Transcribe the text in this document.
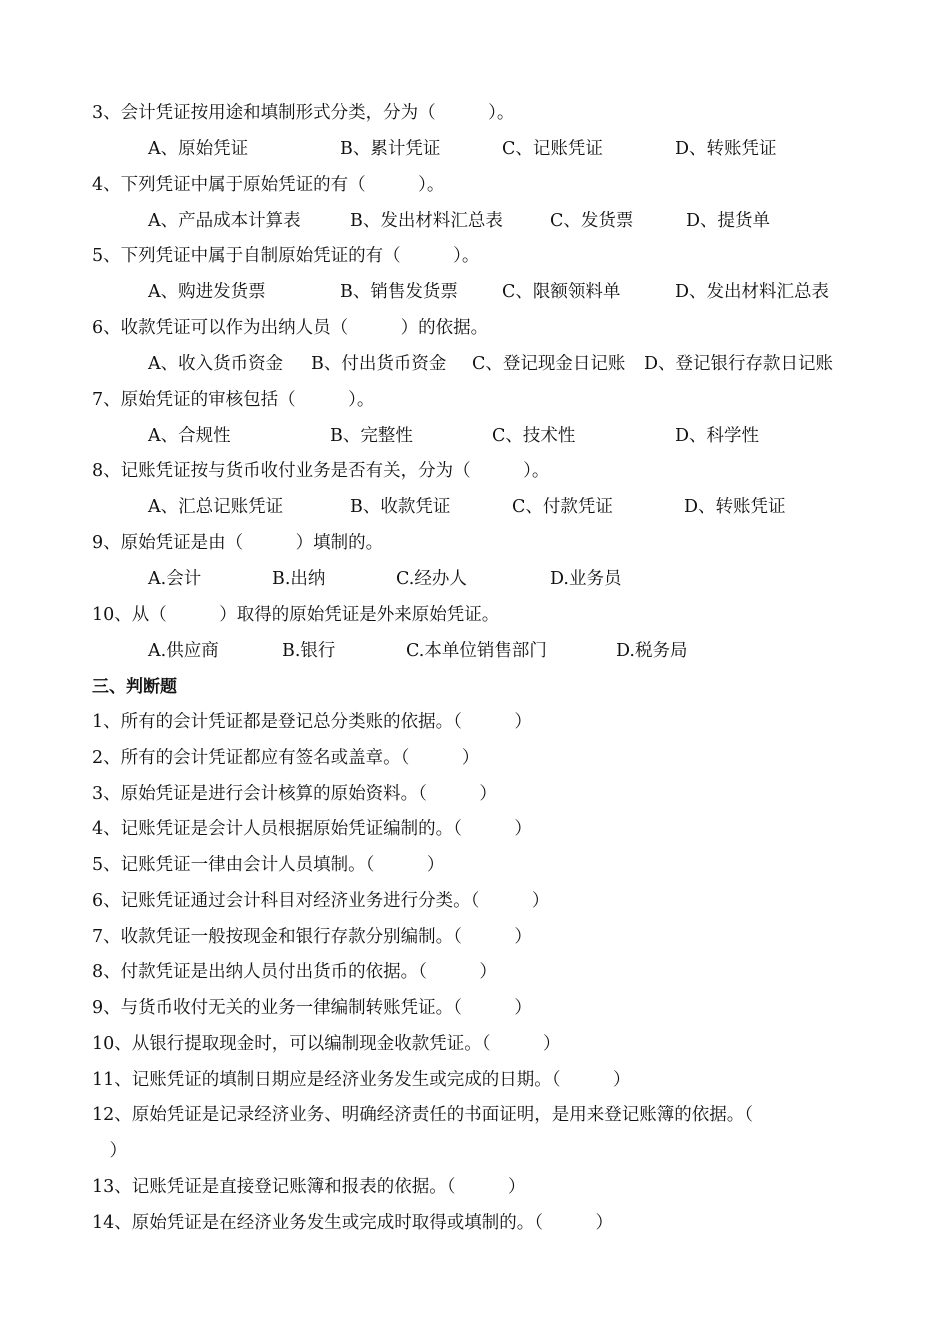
3、会计凭证按用途和填制形式分类，分为（　　　）。
A、原始凭证	B、累计凭证	C、记账凭证	D、转账凭证
4、下列凭证中属于原始凭证的有（　　　）。
A、产品成本计算表	B、发出材料汇总表	C、发货票	D、提货单
5、下列凭证中属于自制原始凭证的有（　　　）。
A、购进发货票	B、销售发货票	C、限额领料单	D、发出材料汇总表
6、收款凭证可以作为出纳人员（　　　）的依据。
A、收入货币资金 B、付出货币资金 C、登记现金日记账 D、登记银行存款日记账
7、原始凭证的审核包括（　　　）。
A、合规性	B、完整性	C、技术性	D、科学性
8、记账凭证按与货币收付业务是否有关，分为（　　　）。
A、汇总记账凭证	B、收款凭证	C、付款凭证	D、转账凭证
9、原始凭证是由（　　　）填制的。
A.会计	B.出纳	C.经办人	D.业务员
10、从（　　　）取得的原始凭证是外来原始凭证。
A.供应商	B.银行	C.本单位销售部门	D.税务局
三、判断题
1、所有的会计凭证都是登记总分类账的依据。（　　　）
2、所有的会计凭证都应有签名或盖章。（　　　）
3、原始凭证是进行会计核算的原始资料。（　　　）
4、记账凭证是会计人员根据原始凭证编制的。（　　　）
5、记账凭证一律由会计人员填制。（　　　）
6、记账凭证通过会计科目对经济业务进行分类。（　　　）
7、收款凭证一般按现金和银行存款分别编制。（　　　）
8、付款凭证是出纳人员付出货币的依据。（　　　）
9、与货币收付无关的业务一律编制转账凭证。（　　　）
10、从银行提取现金时，可以编制现金收款凭证。（　　　）
11、记账凭证的填制日期应是经济业务发生或完成的日期。（　　　）
12、原始凭证是记录经济业务、明确经济责任的书面证明，是用来登记账簿的依据。（
　）
13、记账凭证是直接登记账簿和报表的依据。（　　　）
14、原始凭证是在经济业务发生或完成时取得或填制的。（　　　）
